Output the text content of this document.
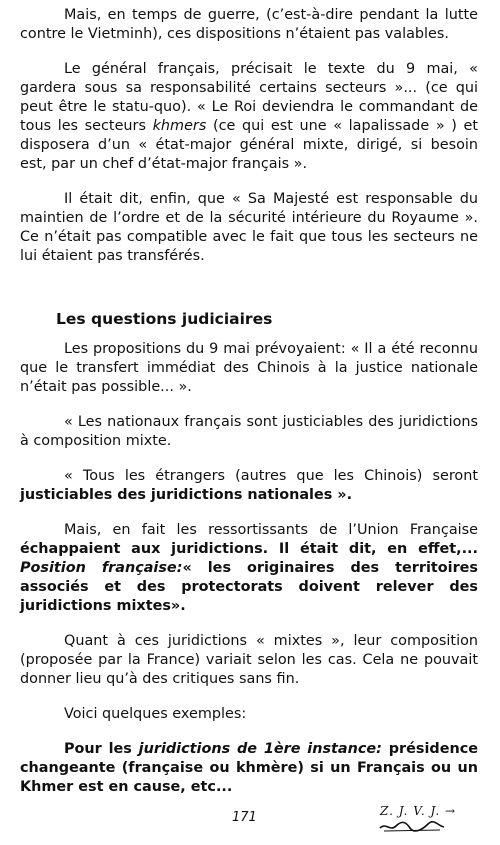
Mais, en temps de guerre, (c’est-à-dire pendant la lutte contre le Vietminh), ces dispositions n’étaient pas valables.

Le général français, précisait le texte du 9 mai, « gardera sous sa responsabilité certains secteurs »... (ce qui peut être le statu-quo). « Le Roi deviendra le commandant de tous les secteurs khmers (ce qui est une « lapalissade » ) et disposera d’un « état-major général mixte, dirigé, si besoin est, par un chef d’état-major français ».

Il était dit, enfin, que « Sa Majesté est responsable du maintien de l’ordre et de la sécurité intérieure du Royaume ». Ce n’était pas compatible avec le fait que tous les secteurs ne lui étaient pas transférés.

Les questions judiciaires

Les propositions du 9 mai prévoyaient: « Il a été reconnu que le transfert immédiat des Chinois à la justice nationale n’était pas possible... ».

« Les nationaux français sont justiciables des juridictions à composition mixte.

« Tous les étrangers (autres que les Chinois) seront justiciables des juridictions nationales ».

Mais, en fait les ressortissants de l’Union Française échappaient aux juridictions. Il était dit, en effet,... Position française:« les originaires des territoires associés et des protectorats doivent relever des juridictions mixtes».

Quant à ces juridictions « mixtes », leur composition (proposée par la France) variait selon les cas. Cela ne pouvait donner lieu qu’à des critiques sans fin.

Voici quelques exemples:

Pour les juridictions de 1ère instance: présidence changeante (française ou khmère) si un Français ou un Khmer est en cause, etc...

171	Z. J. V. J. →
